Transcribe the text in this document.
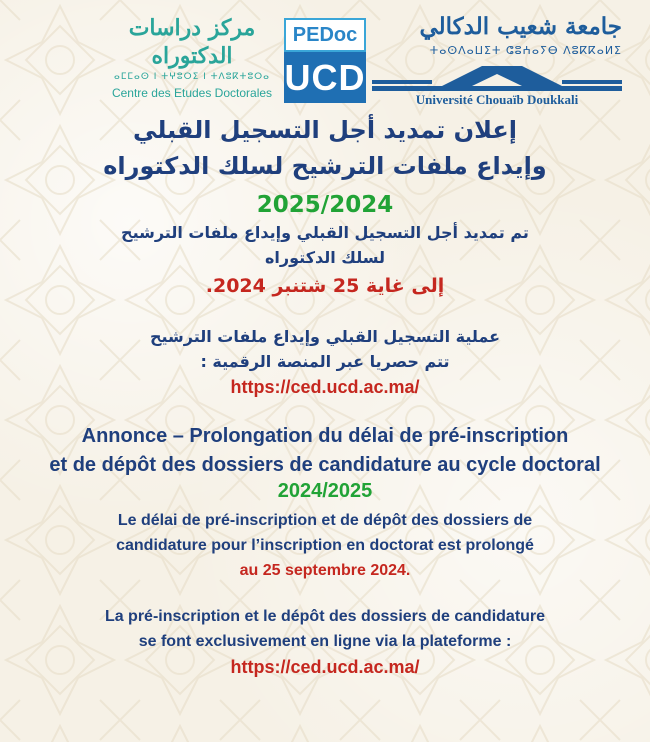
مركز دراسات الدكتوراه
ⴰⵎⵎⴰⵙ ⵏ ⵜⵖⵓⵔⵉ ⵏ ⵜⴷⵓⴽⵜⵓⵔⴰ
Centre des Etudes Doctorales
PEDoc
UCD
جامعة شعيب الدكالي
ⵜⴰⵙⴷⴰⵡⵉⵜ ⵛⵓⵄⴰⵢⴱ ⴷⵓⴽⴽⴰⵍⵉ
Université Chouaïb Doukkali
إعلان تمديد أجل التسجيل القبلي
وإيداع ملفات الترشيح لسلك الدكتوراه
2025/2024
تم تمديد أجل التسجيل القبلي وإيداع ملفات الترشيح
لسلك الدكتوراه
إلى غاية 25 شتنبر 2024.
عملية التسجيل القبلي وإيداع ملفات الترشيح
تتم حصريا عبر المنصة الرقمية :
https://ced.ucd.ac.ma/
Annonce – Prolongation du délai de pré-inscription
et de dépôt des dossiers de candidature au cycle doctoral
2024/2025
Le délai de pré-inscription et de dépôt des dossiers de
candidature pour l’inscription en doctorat est prolongé
au 25 septembre 2024.
La pré-inscription et le dépôt des dossiers de candidature
se font exclusivement en ligne via la plateforme :
https://ced.ucd.ac.ma/
